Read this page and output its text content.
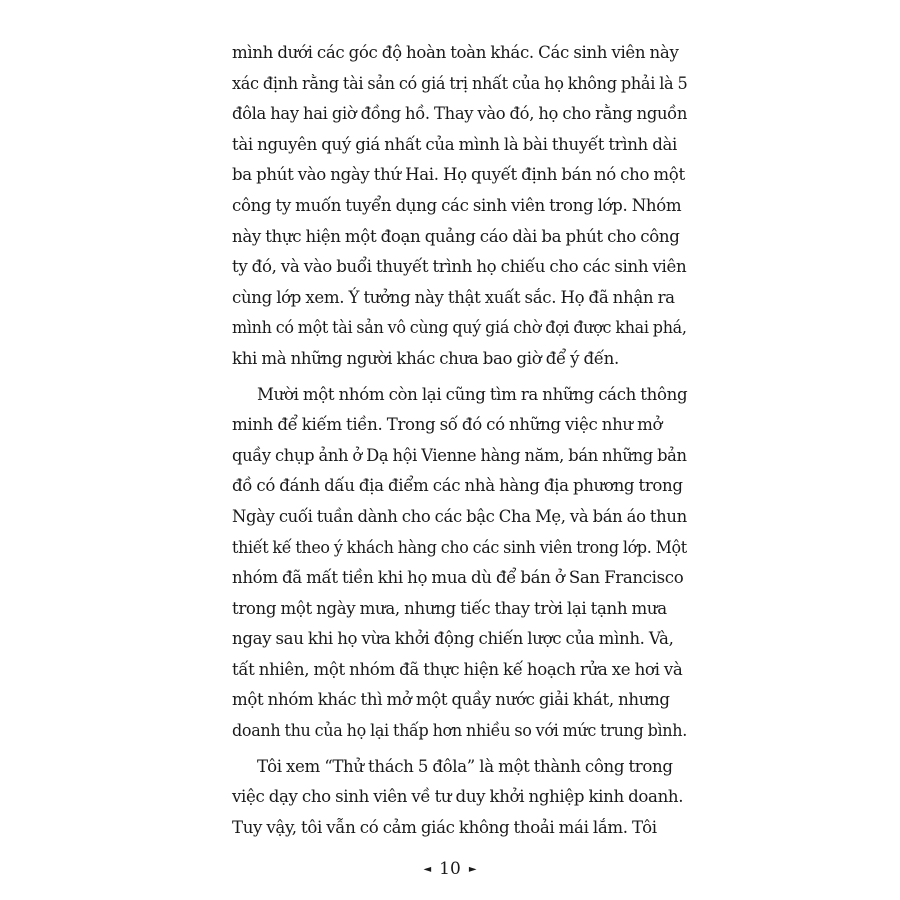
mình dưới các góc độ hoàn toàn khác. Các sinh viên này
xác định rằng tài sản có giá trị nhất của họ không phải là 5
đôla hay hai giờ đồng hồ. Thay vào đó, họ cho rằng nguồn
tài nguyên quý giá nhất của mình là bài thuyết trình dài
ba phút vào ngày thứ Hai. Họ quyết định bán nó cho một
công ty muốn tuyển dụng các sinh viên trong lớp. Nhóm
này thực hiện một đoạn quảng cáo dài ba phút cho công
ty đó, và vào buổi thuyết trình họ chiếu cho các sinh viên
cùng lớp xem. Ý tưởng này thật xuất sắc. Họ đã nhận ra
mình có một tài sản vô cùng quý giá chờ đợi được khai phá,
khi mà những người khác chưa bao giờ để ý đến.

Mười một nhóm còn lại cũng tìm ra những cách thông
minh để kiếm tiền. Trong số đó có những việc như mở
quầy chụp ảnh ở Dạ hội Vienne hàng năm, bán những bản
đồ có đánh dấu địa điểm các nhà hàng địa phương trong
Ngày cuối tuần dành cho các bậc Cha Mẹ, và bán áo thun
thiết kế theo ý khách hàng cho các sinh viên trong lớp. Một
nhóm đã mất tiền khi họ mua dù để bán ở San Francisco
trong một ngày mưa, nhưng tiếc thay trời lại tạnh mưa
ngay sau khi họ vừa khởi động chiến lược của mình. Và,
tất nhiên, một nhóm đã thực hiện kế hoạch rửa xe hơi và
một nhóm khác thì mở một quầy nước giải khát, nhưng
doanh thu của họ lại thấp hơn nhiều so với mức trung bình.

Tôi xem “Thử thách 5 đôla” là một thành công trong
việc dạy cho sinh viên về tư duy khởi nghiệp kinh doanh.
Tuy vậy, tôi vẫn có cảm giác không thoải mái lắm. Tôi

◄ 10 ►
